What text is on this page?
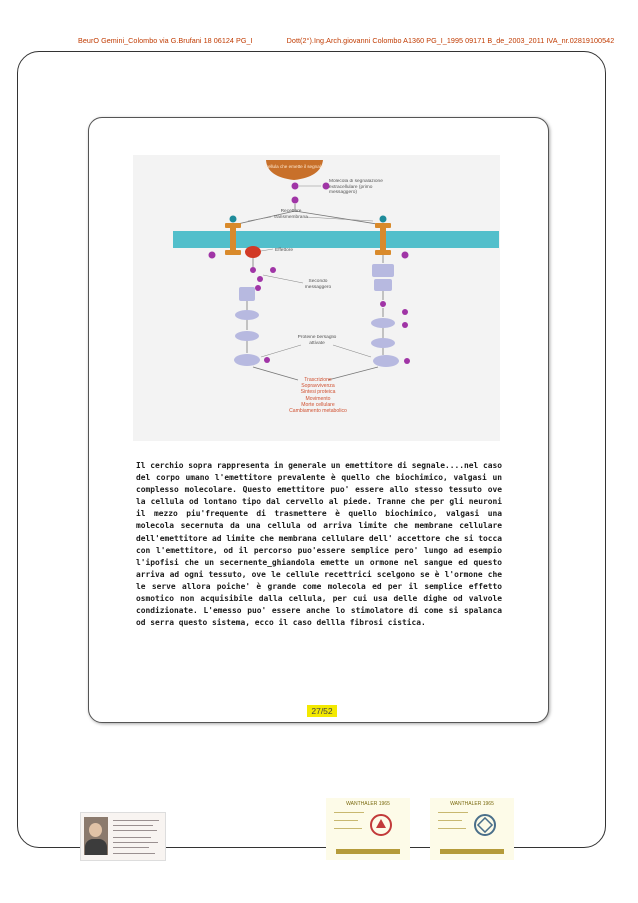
BeurO Gemini_Colombo via G.Brufani 18 06124 PG_I	Dott(2°).Ing.Arch.giovanni Colombo A1360 PG_I_1995 09171 B_de_2003_2011 IVA_nr.02819100542
Cellula che emette il segnale
Molecola di segnalazione extracellulare (primo messaggero)
Recettore transmembrana
Effettore
Secondo messaggero
Proteine bersaglio attivate
Trascrizione
Sopravvivenza
Sintesi proteica
Movimento
Morte cellulare
Cambiamento metabolico
Il cerchio sopra rappresenta in generale un emettitore di segnale....nel caso del corpo umano l'emettitore prevalente è quello che biochimico, valgasi un complesso molecolare. Questo emettitore puo' essere allo stesso tessuto ove la cellula od lontano tipo dal cervello al piede. Tranne che per gli neuroni il mezzo piu'frequente di trasmettere è quello biochimico, valgasi una molecola secernuta da una cellula od arriva limite che membrane cellulare dell'emettitore ad limite che membrana cellulare dell' accettore che si tocca con l'emettitore, od il percorso puo'essere semplice pero' lungo ad esempio l'ipofisi che un secernente_ghiandola emette un ormone nel sangue ed questo arriva ad ogni tessuto, ove le cellule recettrici scelgono se è l'ormone che le serve allora poiche' è grande come molecola ed per il semplice effetto osmotico non acquisibile dalla cellula, per cui usa delle dighe od valvole condizionate. L'emesso puo' essere anche lo stimolatore di come si spalanca od serra questo sistema, ecco il caso dellla fibrosi cistica.
27/52
WANTHALER 1965	WANTHALER 1965
